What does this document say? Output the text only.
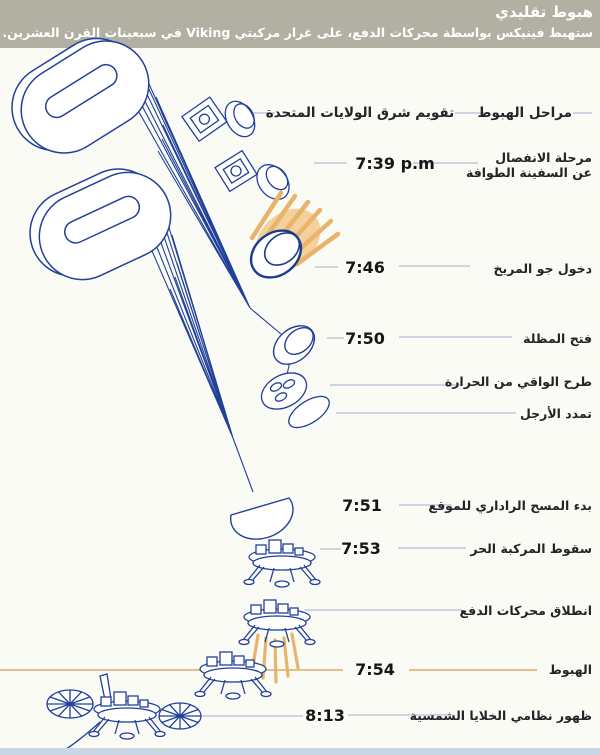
هبوط تقليدي
ستهبط فينيكس بواسطة محركات الدفع، على غرار مركبتي Viking في سبعينات القرن العشرين.
مراحل الهبوط
تقويم شرق الولايات المتحدة
مرحلة الانفصال
عن السفينة الطوافة
دخول جو المريخ
فتح المظلة
طرح الواقي من الحرارة
تمدد الأرجل
بدء المسح الراداري للموقع
سقوط المركبة الحر
انطلاق محركات الدفع
الهبوط
ظهور نظامي الخلايا الشمسية
7:39 p.m
7:46
7:50
7:51
7:53
7:54
8:13
